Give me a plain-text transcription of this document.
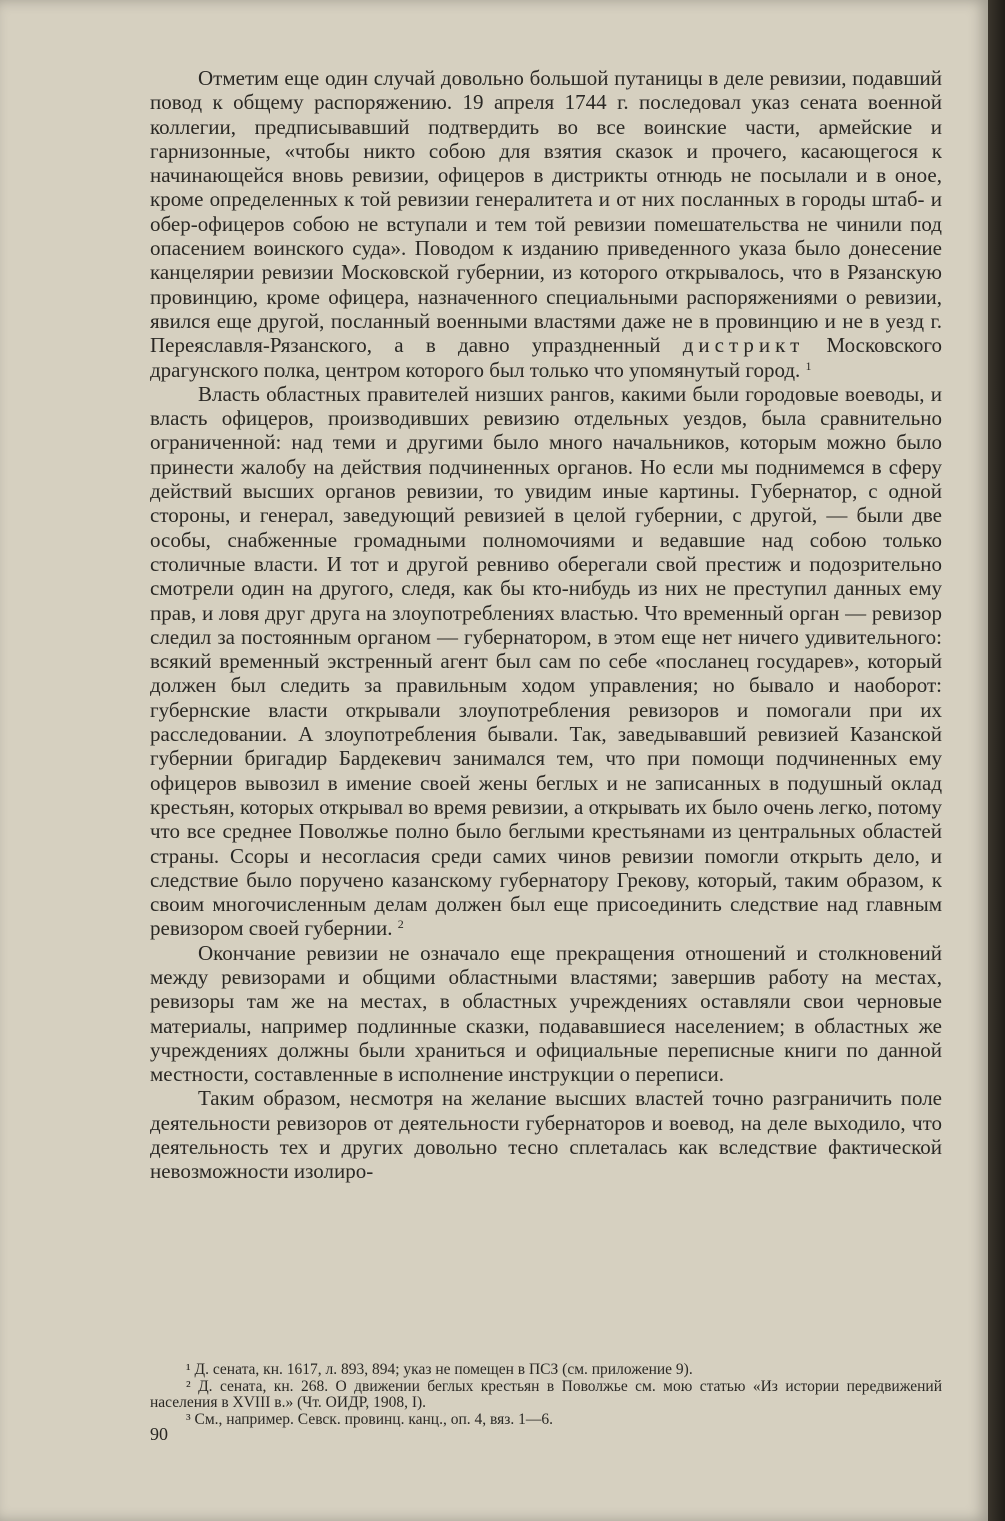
Отметим еще один случай довольно большой путаницы в деле ревизии, подавший повод к общему распоряжению. 19 апреля 1744 г. последовал указ сената военной коллегии, предписывавший подтвердить во все воинские части, армейские и гарнизонные, «чтобы никто собою для взятия сказок и прочего, касающегося к начинающейся вновь ревизии, офицеров в дистрикты отнюдь не посылали и в оное, кроме определенных к той ревизии генералитета и от них посланных в городы штаб- и обер-офицеров собою не вступали и тем той ревизии помешательства не чинили под опасением воинского суда». Поводом к изданию приведенного указа было донесение канцелярии ревизии Московской губернии, из которого открывалось, что в Рязанскую провинцию, кроме офицера, назначенного специальными распоряжениями о ревизии, явился еще другой, посланный военными властями даже не в провинцию и не в уезд г. Переяславля-Рязанского, а в давно упраздненный дистрикт Московского драгунского полка, центром которого был только что упомянутый город. $^1$

Власть областных правителей низших рангов, какими были городовые воеводы, и власть офицеров, производивших ревизию отдельных уездов, была сравнительно ограниченной: над теми и другими было много начальников, которым можно было принести жалобу на действия подчиненных органов. Но если мы поднимемся в сферу действий высших органов ревизии, то увидим иные картины. Губернатор, с одной стороны, и генерал, заведующий ревизией в целой губернии, с другой, — были две особы, снабженные громадными полномочиями и ведавшие над собою только столичные власти. И тот и другой ревниво оберегали свой престиж и подозрительно смотрели один на другого, следя, как бы кто-нибудь из них не преступил данных ему прав, и ловя друг друга на злоупотреблениях властью. Что временный орган — ревизор следил за постоянным органом — губернатором, в этом еще нет ничего удивительного: всякий временный экстренный агент был сам по себе «посланец государев», который должен был следить за правильным ходом управления; но бывало и наоборот: губернские власти открывали злоупотребления ревизоров и помогали при их расследовании. А злоупотребления бывали. Так, заведывавший ревизией Казанской губернии бригадир Бардекевич занимался тем, что при помощи подчиненных ему офицеров вывозил в имение своей жены беглых и не записанных в подушный оклад крестьян, которых открывал во время ревизии, а открывать их было очень легко, потому что все среднее Поволжье полно было беглыми крестьянами из центральных областей страны. Ссоры и несогласия среди самих чинов ревизии помогли открыть дело, и следствие было поручено казанскому губернатору Грекову, который, таким образом, к своим многочисленным делам должен был еще присоединить следствие над главным ревизором своей губернии. $^2$

Окончание ревизии не означало еще прекращения отношений и столкновений между ревизорами и общими областными властями; завершив работу на местах, ревизоры там же на местах, в областных учреждениях оставляли свои черновые материалы, например подлинные сказки, подававшиеся населением; в областных же учреждениях должны были храниться и официальные переписные книги по данной местности, составленные в исполнение инструкции о переписи.

Таким образом, несмотря на желание высших властей точно разграничить поле деятельности ревизоров от деятельности губернаторов и воевод, на деле выходило, что деятельность тех и других довольно тесно сплеталась как вследствие фактической невозможности изолиро-

¹ Д. сената, кн. 1617, л. 893, 894; указ не помещен в ПСЗ (см. приложение 9).

² Д. сената, кн. 268. О движении беглых крестьян в Поволжье см. мою статью «Из истории передвижений населения в XVIII в.» (Чт. ОИДР, 1908, I).

³ См., например. Севск. провинц. канц., оп. 4, вяз. 1—6.

90
